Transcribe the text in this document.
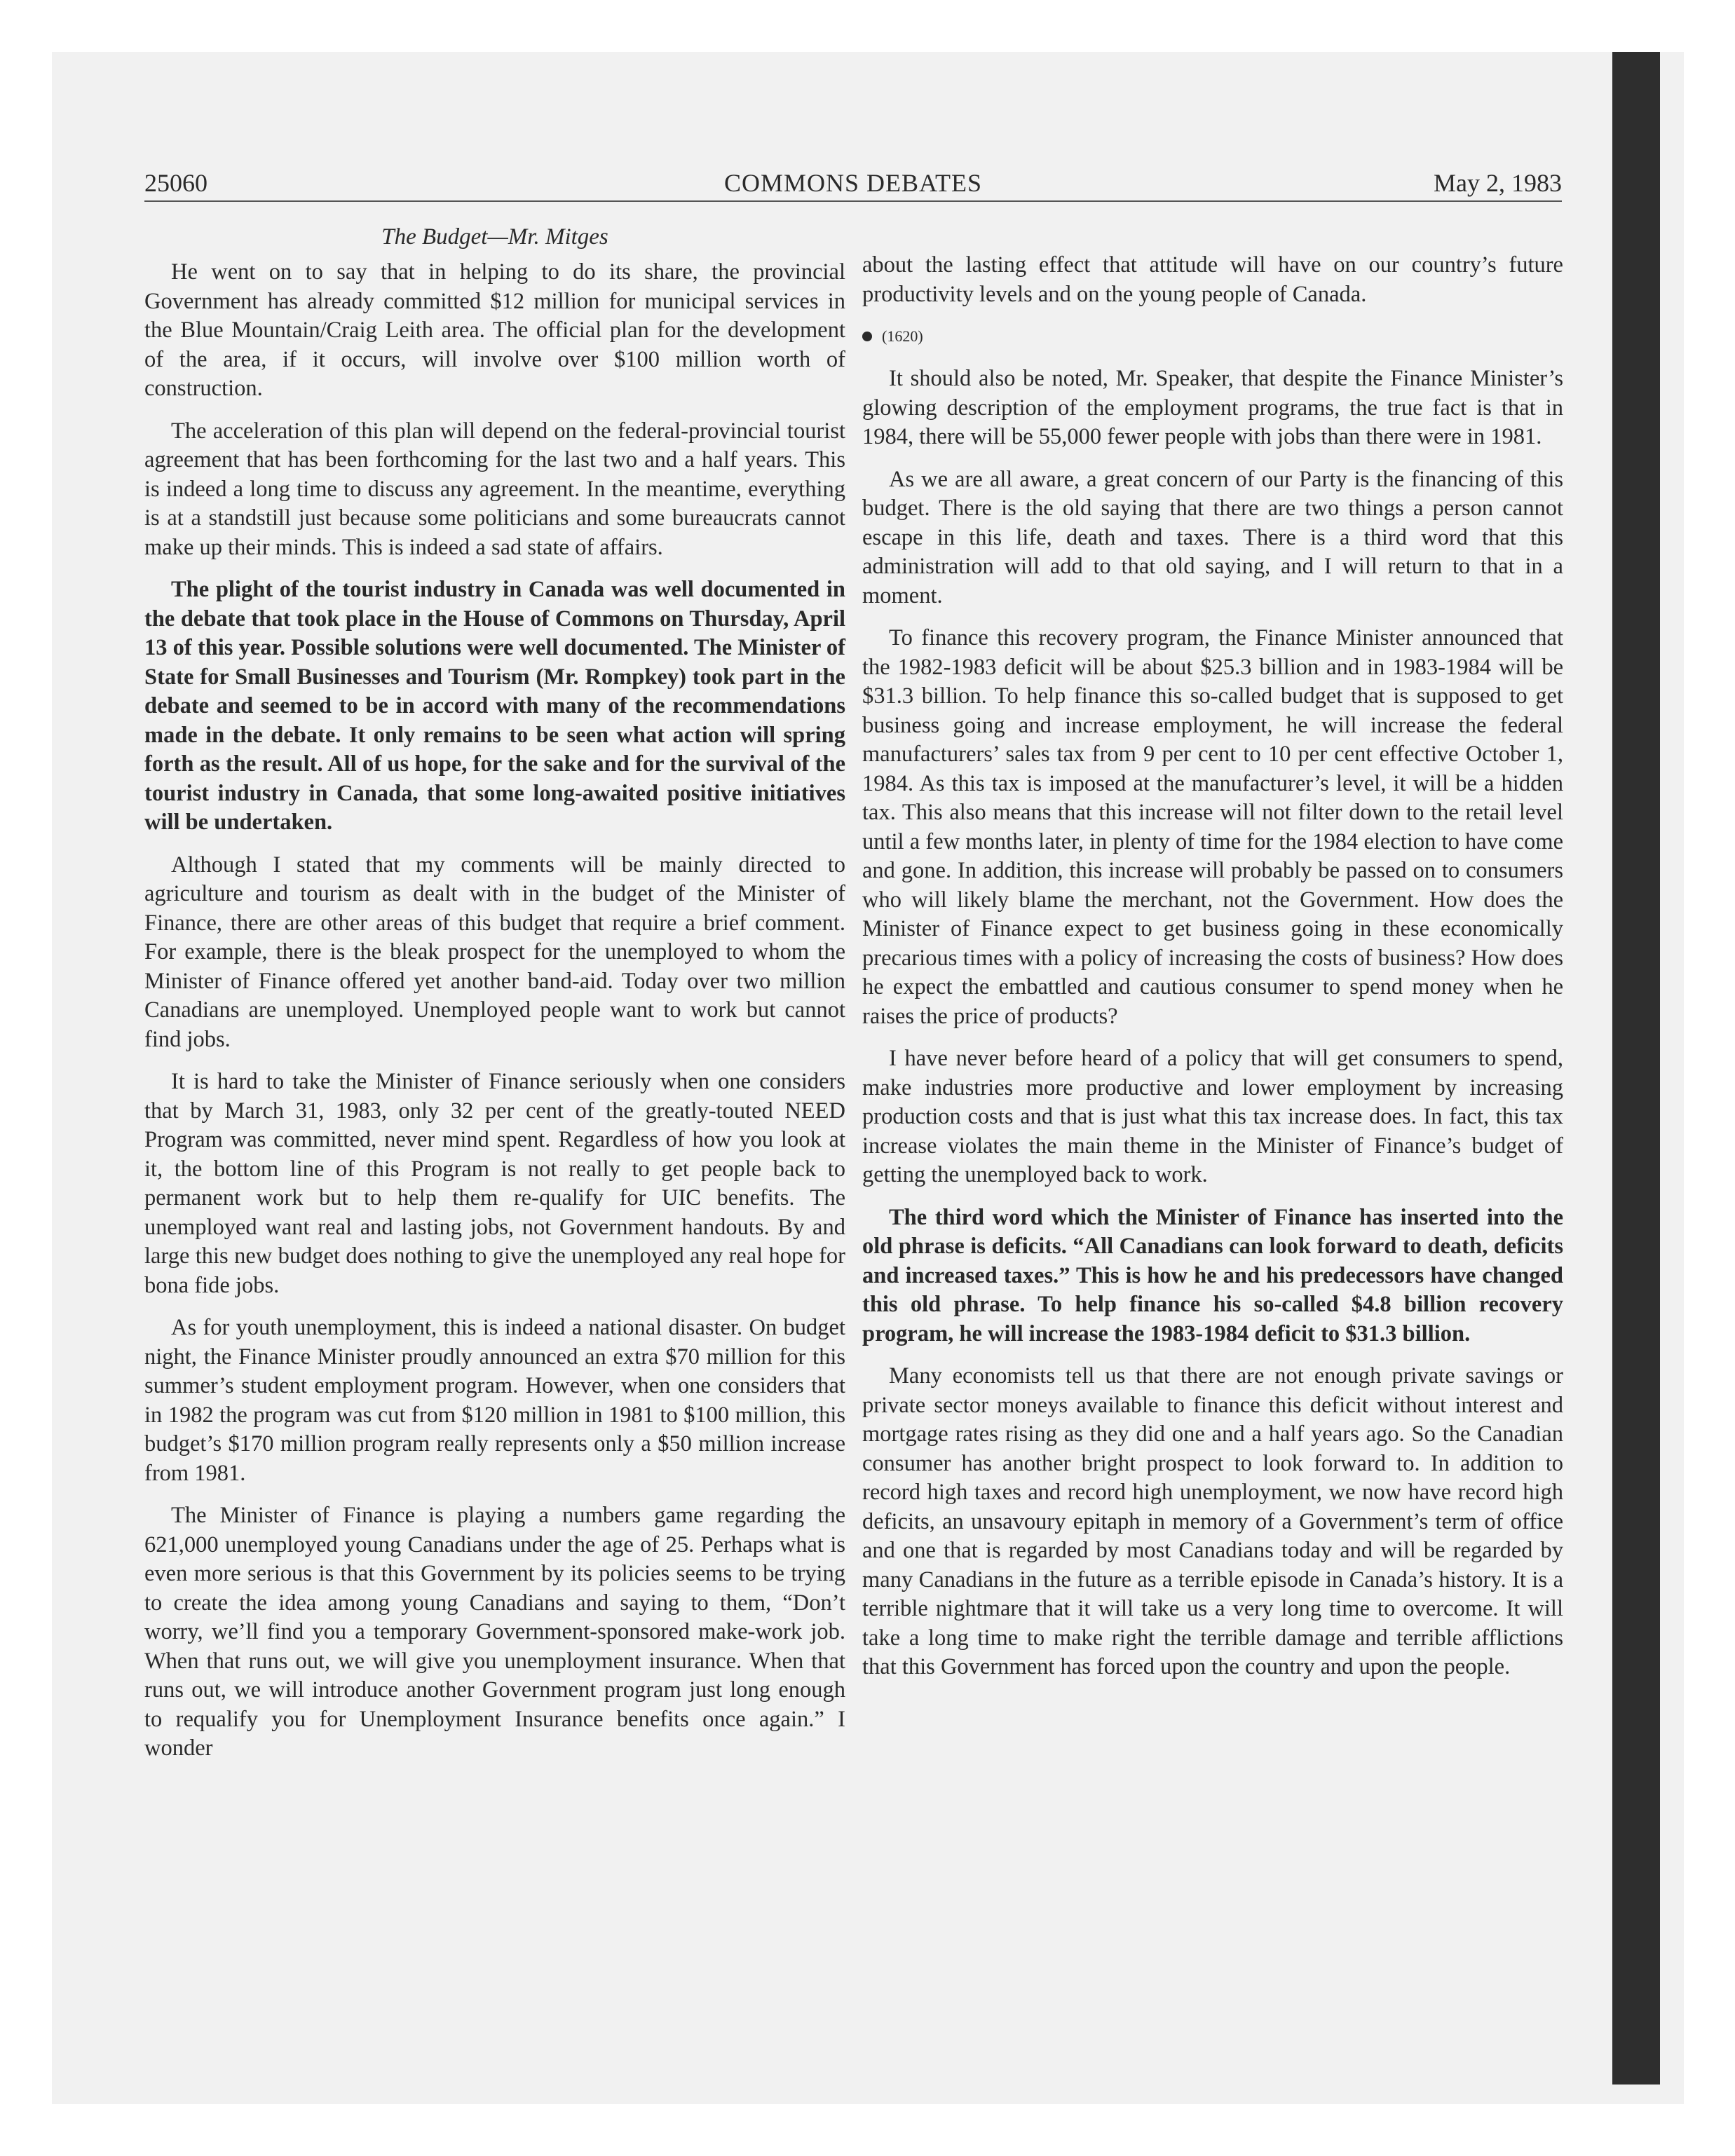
25060	COMMONS DEBATES	May 2, 1983
The Budget—Mr. Mitges

He went on to say that in helping to do its share, the provincial Government has already committed $12 million for municipal services in the Blue Mountain/Craig Leith area. The official plan for the development of the area, if it occurs, will involve over $100 million worth of construction.

The acceleration of this plan will depend on the federal-provincial tourist agreement that has been forthcoming for the last two and a half years. This is indeed a long time to discuss any agreement. In the meantime, everything is at a standstill just because some politicians and some bureaucrats cannot make up their minds. This is indeed a sad state of affairs.

The plight of the tourist industry in Canada was well documented in the debate that took place in the House of Commons on Thursday, April 13 of this year. Possible solutions were well documented. The Minister of State for Small Businesses and Tourism (Mr. Rompkey) took part in the debate and seemed to be in accord with many of the recommendations made in the debate. It only remains to be seen what action will spring forth as the result. All of us hope, for the sake and for the survival of the tourist industry in Canada, that some long-awaited positive initiatives will be undertaken.

Although I stated that my comments will be mainly directed to agriculture and tourism as dealt with in the budget of the Minister of Finance, there are other areas of this budget that require a brief comment. For example, there is the bleak prospect for the unemployed to whom the Minister of Finance offered yet another band-aid. Today over two million Canadians are unemployed. Unemployed people want to work but cannot find jobs.

It is hard to take the Minister of Finance seriously when one considers that by March 31, 1983, only 32 per cent of the greatly-touted NEED Program was committed, never mind spent. Regardless of how you look at it, the bottom line of this Program is not really to get people back to permanent work but to help them re-qualify for UIC benefits. The unemployed want real and lasting jobs, not Government handouts. By and large this new budget does nothing to give the unemployed any real hope for bona fide jobs.

As for youth unemployment, this is indeed a national disaster. On budget night, the Finance Minister proudly announced an extra $70 million for this summer’s student employment program. However, when one considers that in 1982 the program was cut from $120 million in 1981 to $100 million, this budget’s $170 million program really represents only a $50 million increase from 1981.

The Minister of Finance is playing a numbers game regarding the 621,000 unemployed young Canadians under the age of 25. Perhaps what is even more serious is that this Government by its policies seems to be trying to create the idea among young Canadians and saying to them, “Don’t worry, we’ll find you a temporary Government-sponsored make-work job. When that runs out, we will give you unemployment insurance. When that runs out, we will introduce another Government program just long enough to requalify you for Unemployment Insurance benefits once again.” I wonder

about the lasting effect that attitude will have on our country’s future productivity levels and on the young people of Canada.

(1620)

It should also be noted, Mr. Speaker, that despite the Finance Minister’s glowing description of the employment programs, the true fact is that in 1984, there will be 55,000 fewer people with jobs than there were in 1981.

As we are all aware, a great concern of our Party is the financing of this budget. There is the old saying that there are two things a person cannot escape in this life, death and taxes. There is a third word that this administration will add to that old saying, and I will return to that in a moment.

To finance this recovery program, the Finance Minister announced that the 1982-1983 deficit will be about $25.3 billion and in 1983-1984 will be $31.3 billion. To help finance this so-called budget that is supposed to get business going and increase employment, he will increase the federal manufacturers’ sales tax from 9 per cent to 10 per cent effective October 1, 1984. As this tax is imposed at the manufacturer’s level, it will be a hidden tax. This also means that this increase will not filter down to the retail level until a few months later, in plenty of time for the 1984 election to have come and gone. In addition, this increase will probably be passed on to consumers who will likely blame the merchant, not the Government. How does the Minister of Finance expect to get business going in these economically precarious times with a policy of increasing the costs of business? How does he expect the embattled and cautious consumer to spend money when he raises the price of products?

I have never before heard of a policy that will get consumers to spend, make industries more productive and lower employment by increasing production costs and that is just what this tax increase does. In fact, this tax increase violates the main theme in the Minister of Finance’s budget of getting the unemployed back to work.

The third word which the Minister of Finance has inserted into the old phrase is deficits. “All Canadians can look forward to death, deficits and increased taxes.” This is how he and his predecessors have changed this old phrase. To help finance his so-called $4.8 billion recovery program, he will increase the 1983-1984 deficit to $31.3 billion.

Many economists tell us that there are not enough private savings or private sector moneys available to finance this deficit without interest and mortgage rates rising as they did one and a half years ago. So the Canadian consumer has another bright prospect to look forward to. In addition to record high taxes and record high unemployment, we now have record high deficits, an unsavoury epitaph in memory of a Government’s term of office and one that is regarded by most Canadians today and will be regarded by many Canadians in the future as a terrible episode in Canada’s history. It is a terrible nightmare that it will take us a very long time to overcome. It will take a long time to make right the terrible damage and terrible afflictions that this Government has forced upon the country and upon the people.
